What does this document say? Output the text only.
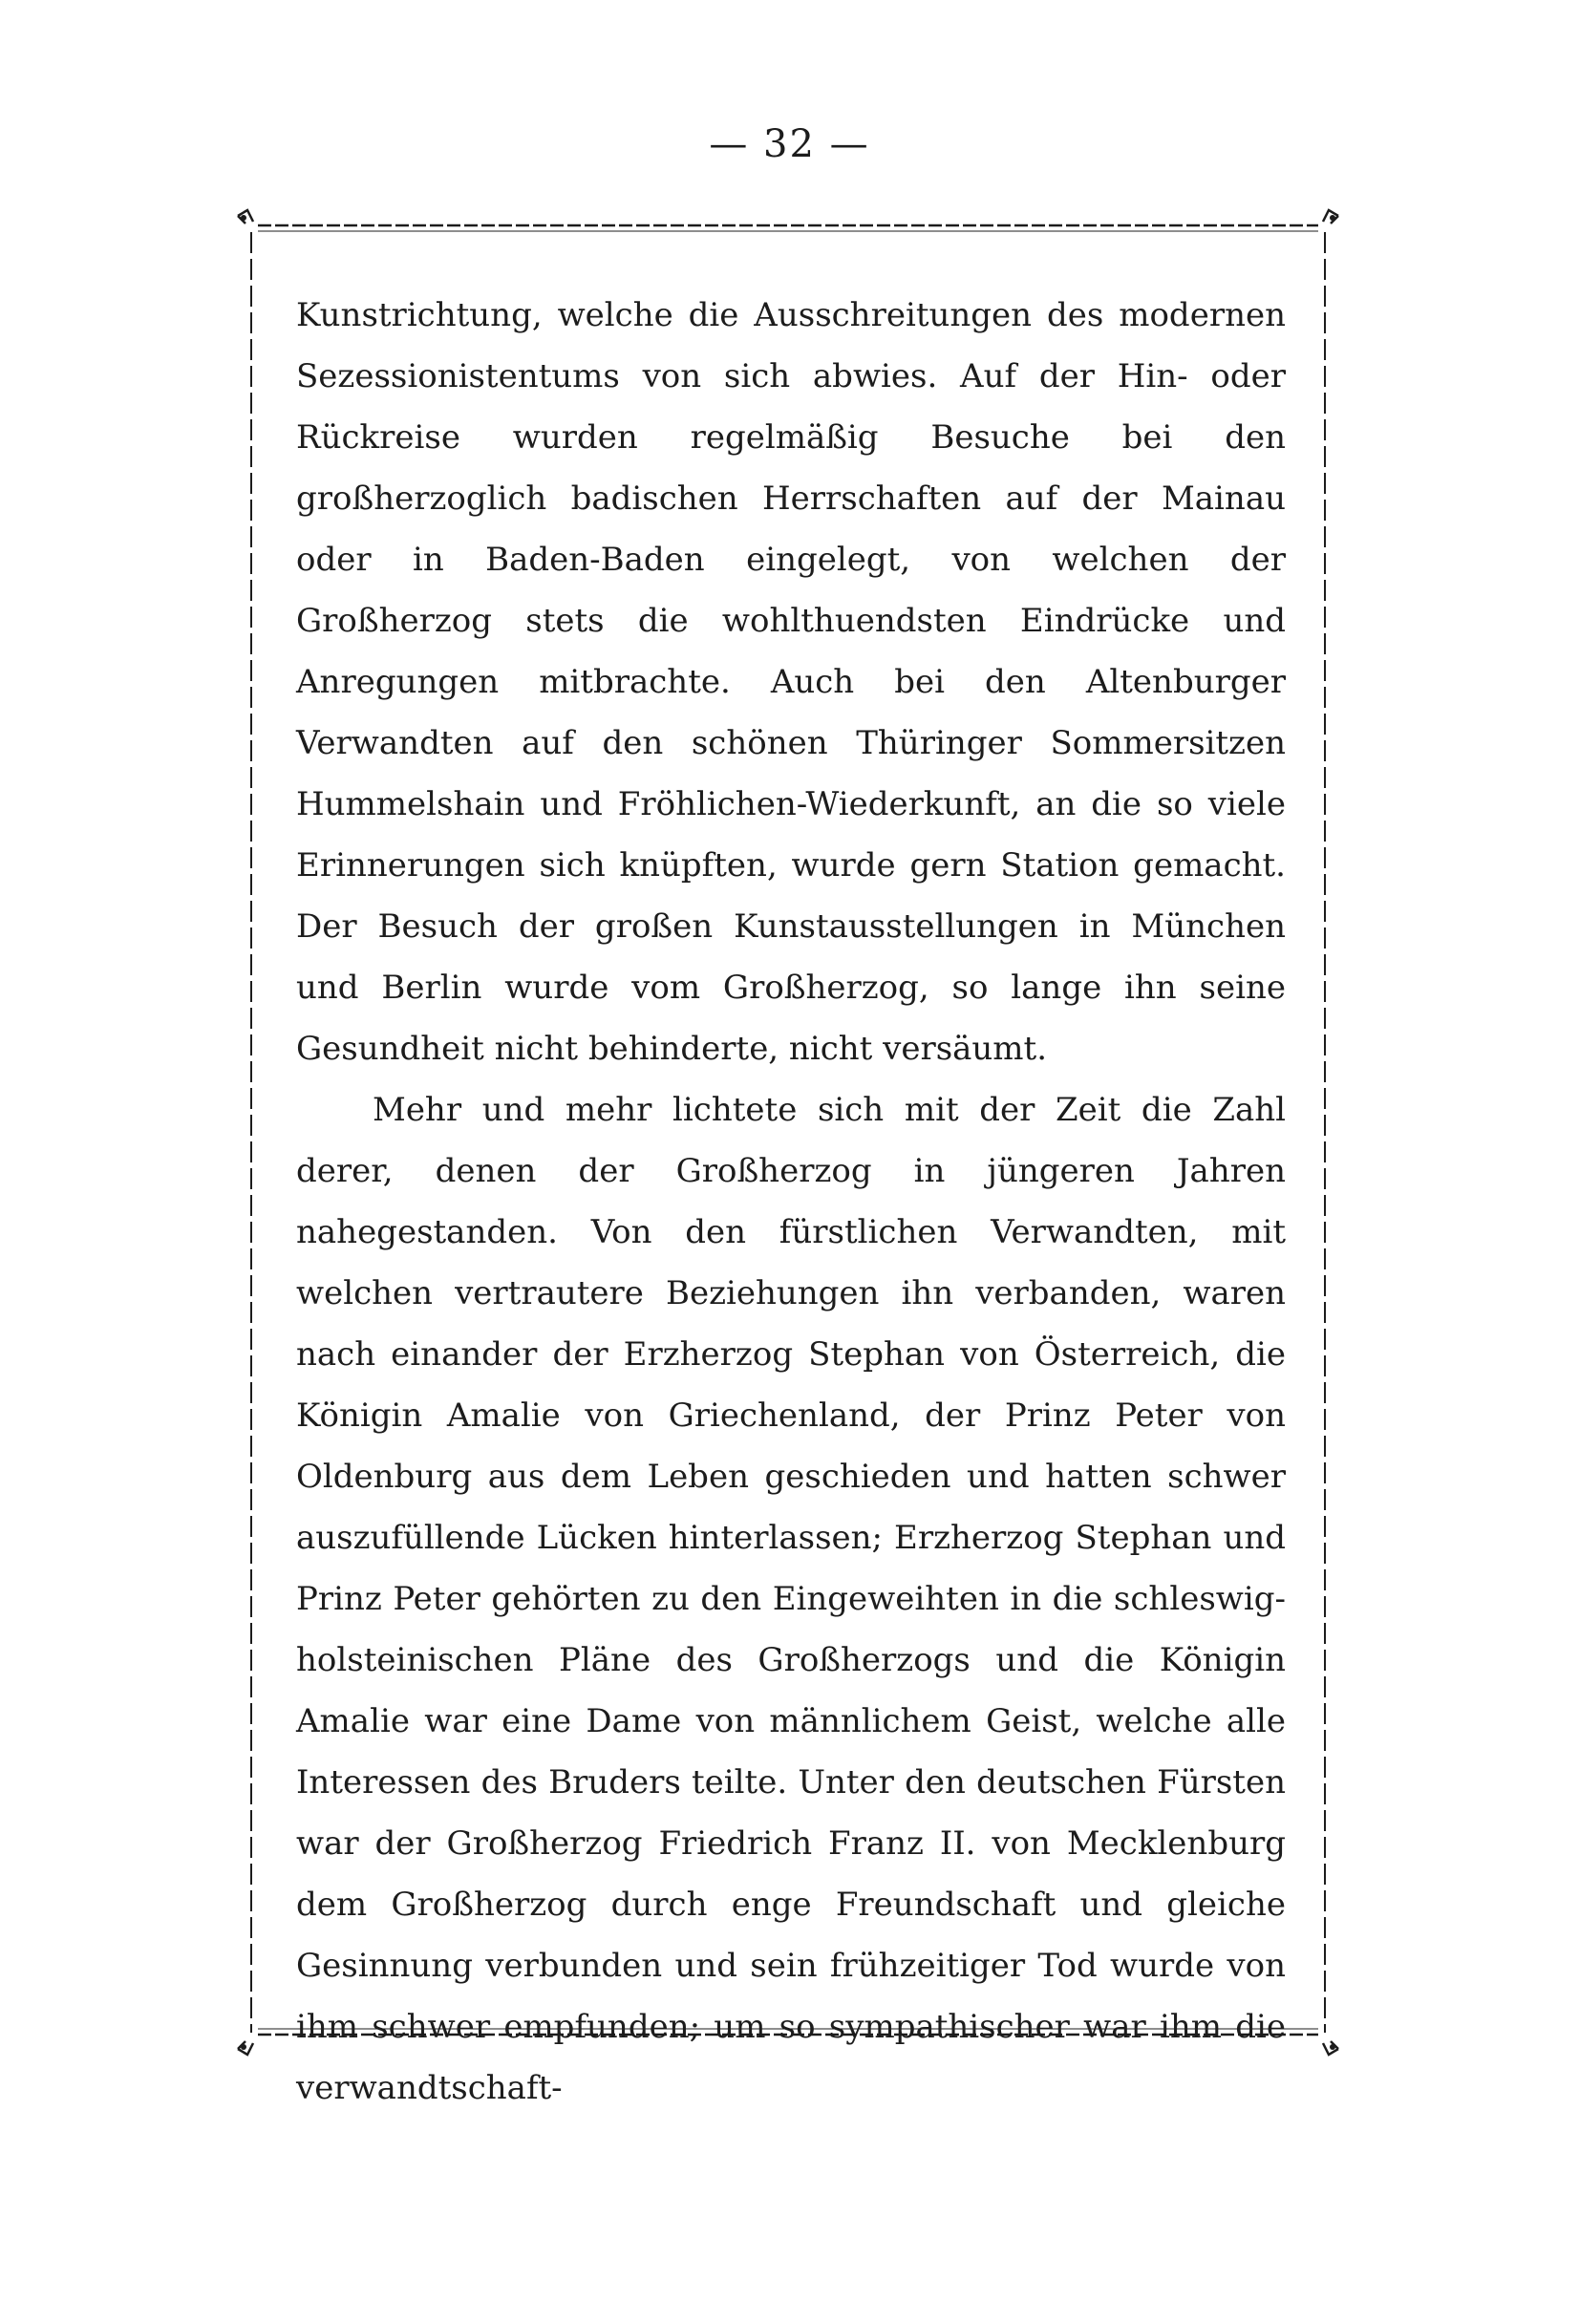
— 32 —

Kunstrichtung, welche die Ausschreitungen des modernen Sezessionistentums von sich abwies. Auf der Hin- oder Rückreise wurden regelmäßig Besuche bei den großherzoglich badischen Herrschaften auf der Mainau oder in Baden-Baden eingelegt, von welchen der Großherzog stets die wohlthuendsten Eindrücke und Anregungen mitbrachte. Auch bei den Altenburger Verwandten auf den schönen Thüringer Sommersitzen Hummelshain und Fröhlichen-Wiederkunft, an die so viele Erinnerungen sich knüpften, wurde gern Station gemacht. Der Besuch der großen Kunstausstellungen in München und Berlin wurde vom Großherzog, so lange ihn seine Gesundheit nicht behinderte, nicht versäumt.

Mehr und mehr lichtete sich mit der Zeit die Zahl derer, denen der Großherzog in jüngeren Jahren nahegestanden. Von den fürstlichen Verwandten, mit welchen vertrautere Beziehungen ihn verbanden, waren nach einander der Erzherzog Stephan von Österreich, die Königin Amalie von Griechenland, der Prinz Peter von Oldenburg aus dem Leben geschieden und hatten schwer auszufüllende Lücken hinterlassen; Erzherzog Stephan und Prinz Peter gehörten zu den Eingeweihten in die schleswig-holsteinischen Pläne des Großherzogs und die Königin Amalie war eine Dame von männlichem Geist, welche alle Interessen des Bruders teilte. Unter den deutschen Fürsten war der Großherzog Friedrich Franz II. von Mecklenburg dem Großherzog durch enge Freundschaft und gleiche Gesinnung verbunden und sein frühzeitiger Tod wurde von ihm schwer empfunden; um so sympathischer war ihm die verwandtschaft-
